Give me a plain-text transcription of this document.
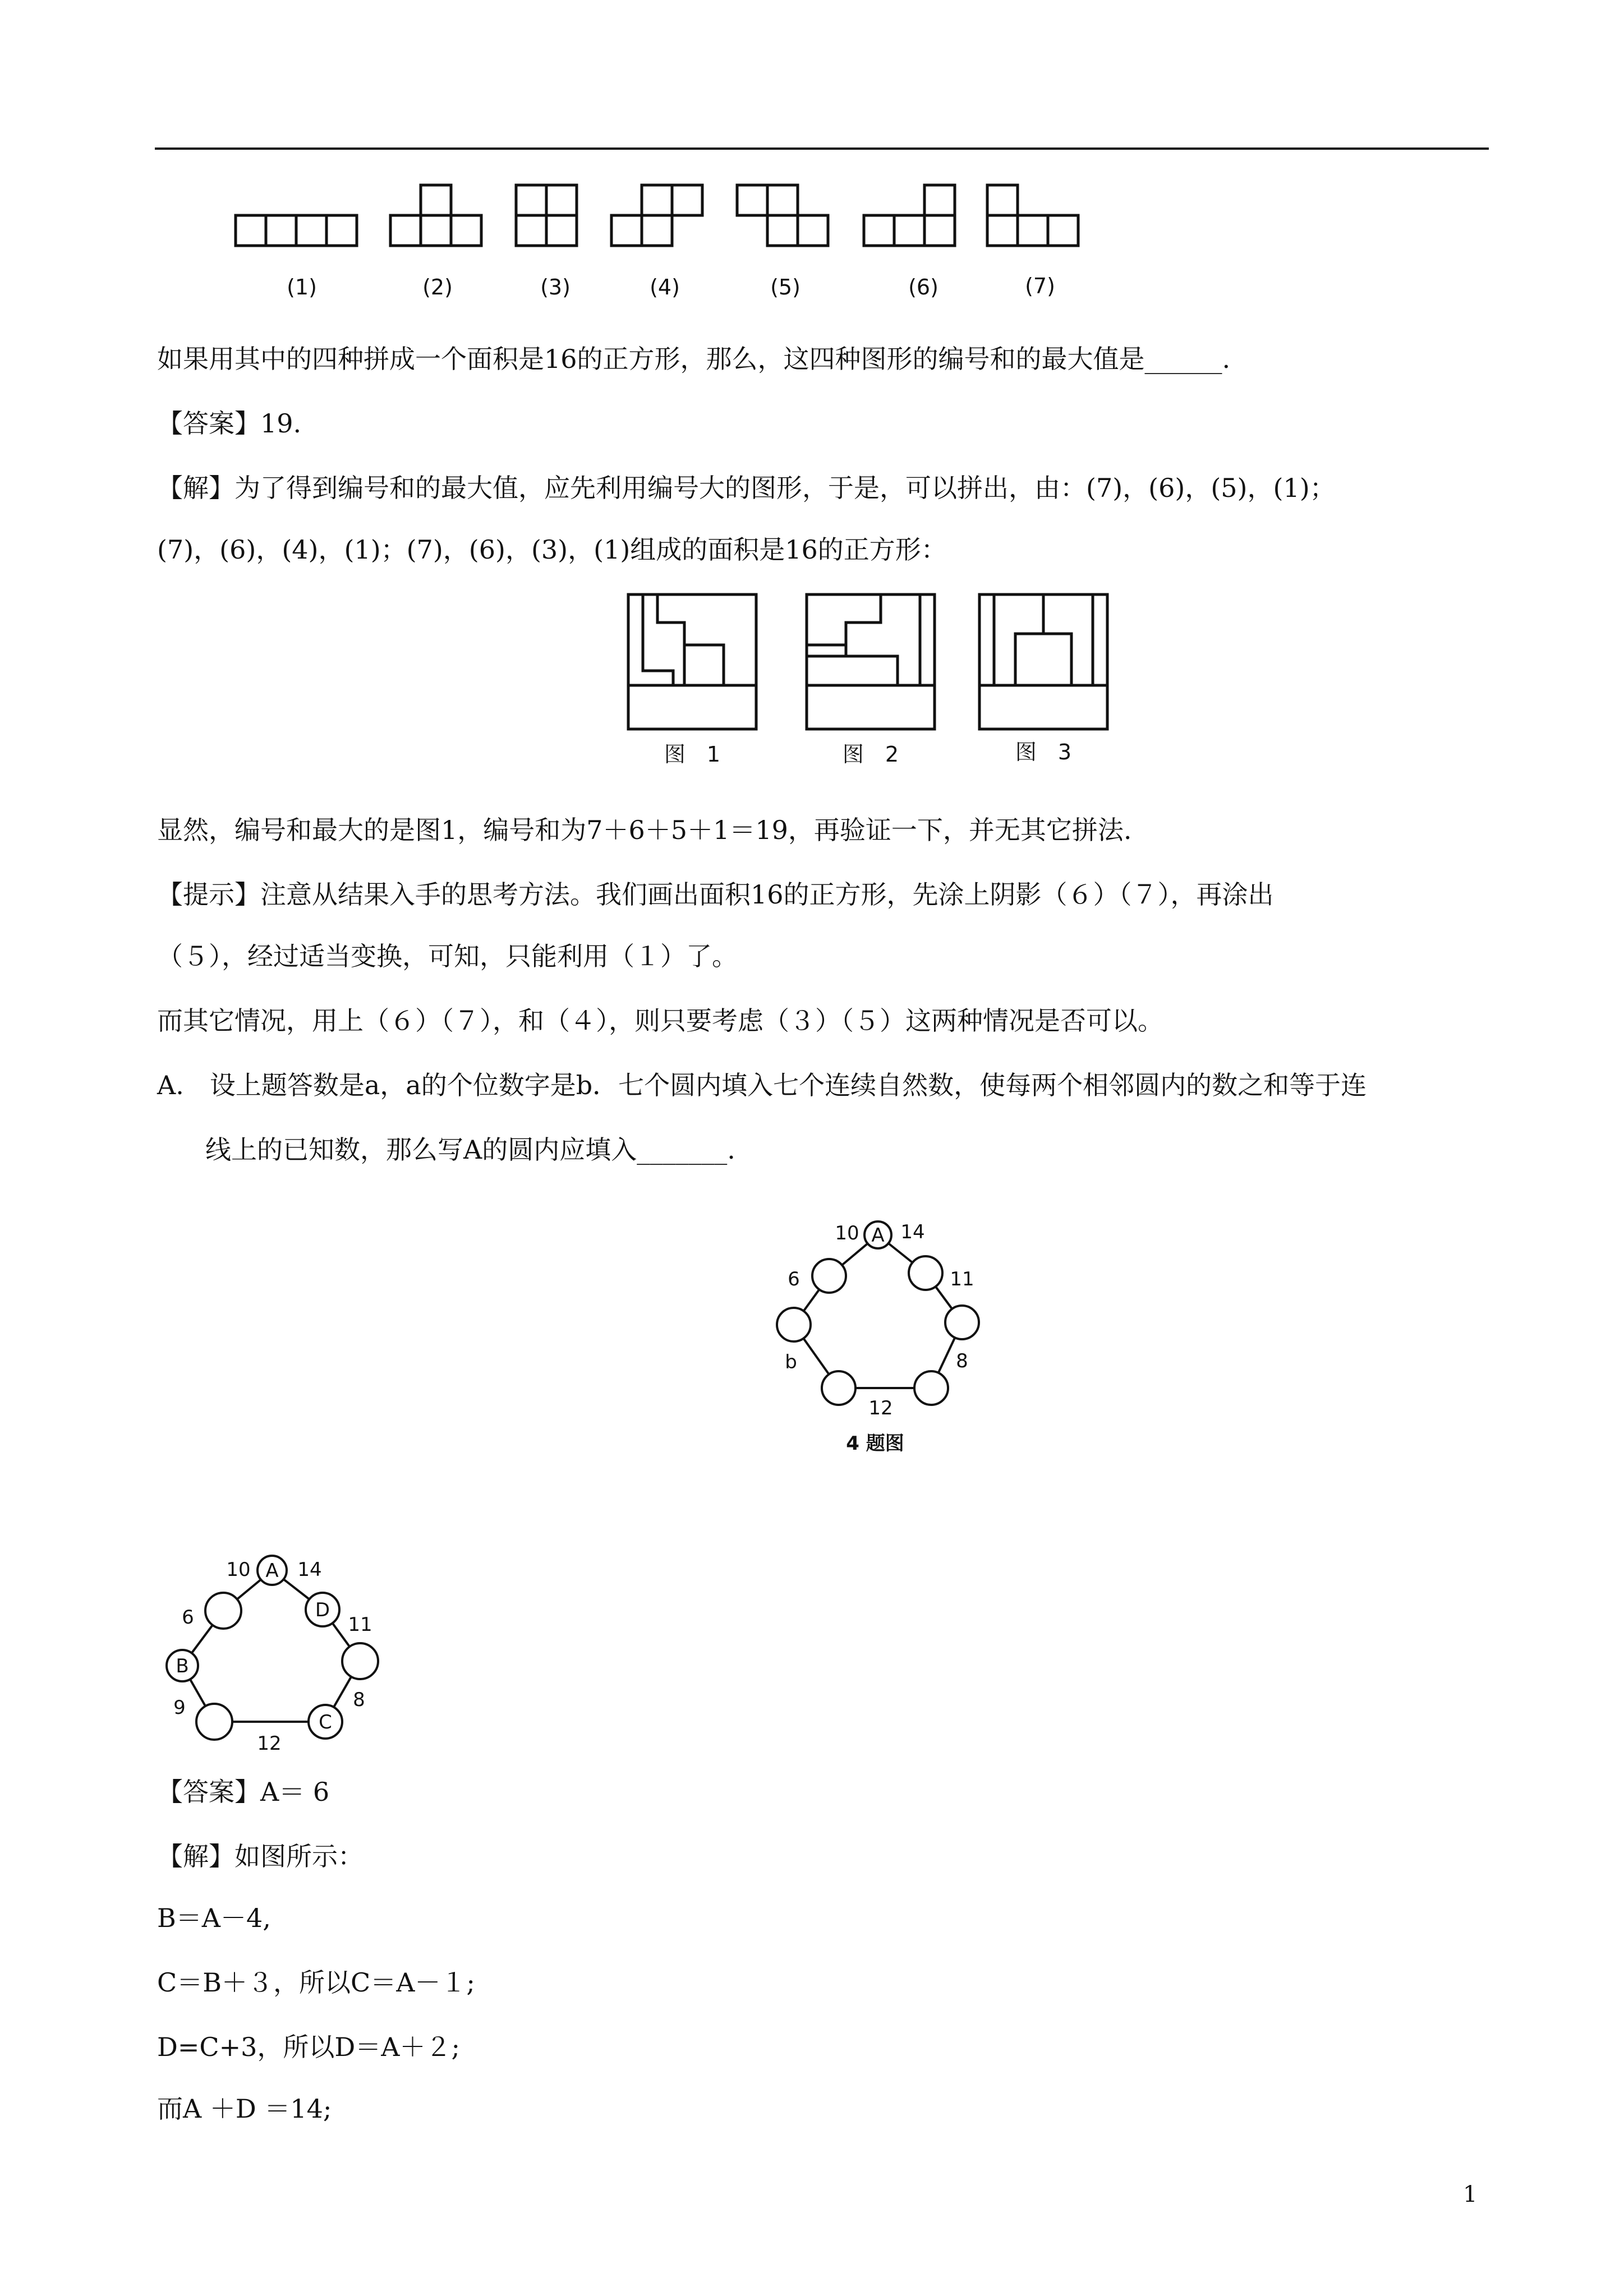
(1)	(2)	(3)	(4)	(5)	(6)	(7)
如果用其中的四种拼成一个面积是16的正方形，那么，这四种图形的编号和的最大值是______.
【答案】19.
【解】为了得到编号和的最大值，应先利用编号大的图形，于是，可以拼出，由：(7)，(6)，(5)，(1)；
(7)，(6)，(4)，(1)；(7)，(6)，(3)，(1)组成的面积是16的正方形：
图　1	图　2	图　3
显然，编号和最大的是图1，编号和为7＋6＋5＋1＝19，再验证一下，并无其它拼法.
【提示】注意从结果入手的思考方法。我们画出面积16的正方形，先涂上阴影（６）（７），再涂出
（５），经过适当变换，可知，只能利用（１）了。
而其它情况，用上（６）（７），和（４），则只要考虑（３）（５）这两种情况是否可以。
A.　设上题答数是a，a的个位数字是b．七个圆内填入七个连续自然数，使每两个相邻圆内的数之和等于连
线上的已知数，那么写A的圆内应填入_______.
A
10 14
6	11
b	8
12
4 题图
A
D
B
C
10 14
6	11
9	8
12
【答案】A＝ 6
【解】如图所示：
B＝A－4,
C＝B＋３，所以C＝A－１;
D=C+3，所以D＝A＋２;
而A ＋D ＝14;
1
